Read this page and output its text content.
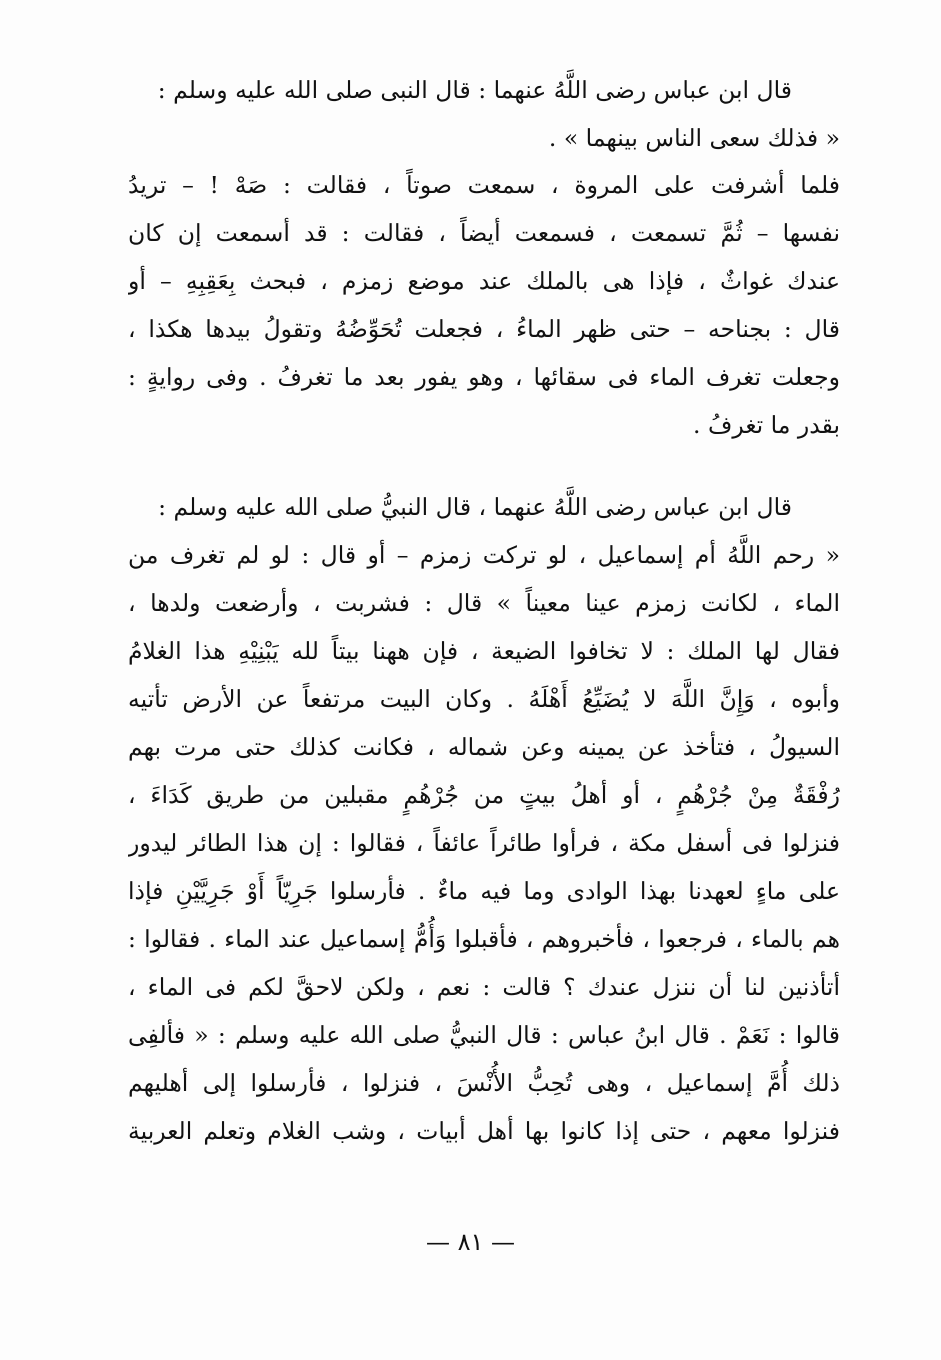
قال ابن عباس رضى اللَّهُ عنهما : قال النبى صلى الله عليه وسلم :
« فذلك سعى الناس بينهما » .
فلما أشرفت على المروة ، سمعت صوتاً ، فقالت : صَهْ ! – تريدُ
نفسها – ثُمَّ تسمعت ، فسمعت أيضاً ، فقالت : قد أسمعت إن كان
عندك غواثٌ ، فإذا هى بالملك عند موضع زمزم ، فبحث بِعَقِبِهِ – أو
قال : بجناحه – حتى ظهر الماءُ ، فجعلت تُحَوِّضُهُ وتقولُ بيدها هكذا ،
وجعلت تغرف الماء فى سقائها ، وهو يفور بعد ما تغرفُ . وفى روايةٍ :
بقدر ما تغرفُ .
قال ابن عباس رضى اللَّهُ عنهما ، قال النبيُّ صلى الله عليه وسلم :
« رحم اللَّهُ أم إسماعيل ، لو تركت زمزم – أو قال : لو لم تغرف من
الماء ، لكانت زمزم عينا معيناً » قال : فشربت ، وأرضعت ولدها ،
فقال لها الملك : لا تخافوا الضيعة ، فإن ههنا بيتاً لله يَبْنِيْهِ هذا الغلامُ
وأبوه ، وَإِنَّ اللَّهَ لا يُضَيِّعُ أَهْلَهُ . وكان البيت مرتفعاً عن الأرض تأتيه
السيولُ ، فتأخذ عن يمينه وعن شماله ، فكانت كذلك حتى مرت بهم
رُفْقَةٌ مِنْ جُرْهُمٍ ، أو أهلُ بيتٍ من جُرْهُمٍ مقبلين من طريق كَدَاءَ ،
فنزلوا فى أسفل مكة ، فرأوا طائراً عائفاً ، فقالوا : إن هذا الطائر ليدور
على ماءٍ لعهدنا بهذا الوادى وما فيه ماءٌ . فأرسلوا جَرِيّاً أَوْ جَرِيَّيْنِ فإذا
هم بالماء ، فرجعوا ، فأخبروهم ، فأقبلوا وَأُمُّ إسماعيل عند الماء . فقالوا :
أتأذنين لنا أن ننزل عندك ؟ قالت : نعم ، ولكن لاحقَّ لكم فى الماء ،
قالوا : نَعَمْ . قال ابنُ عباس : قال النبيُّ صلى الله عليه وسلم : « فألفِى
ذلك أُمَّ إسماعيل ، وهى تُحِبُّ الأُنْسَ ، فنزلوا ، فأرسلوا إلى أهليهم
فنزلوا معهم ، حتى إذا كانوا بها أهل أبيات ، وشب الغلام وتعلم العربية
— ٨١ —
